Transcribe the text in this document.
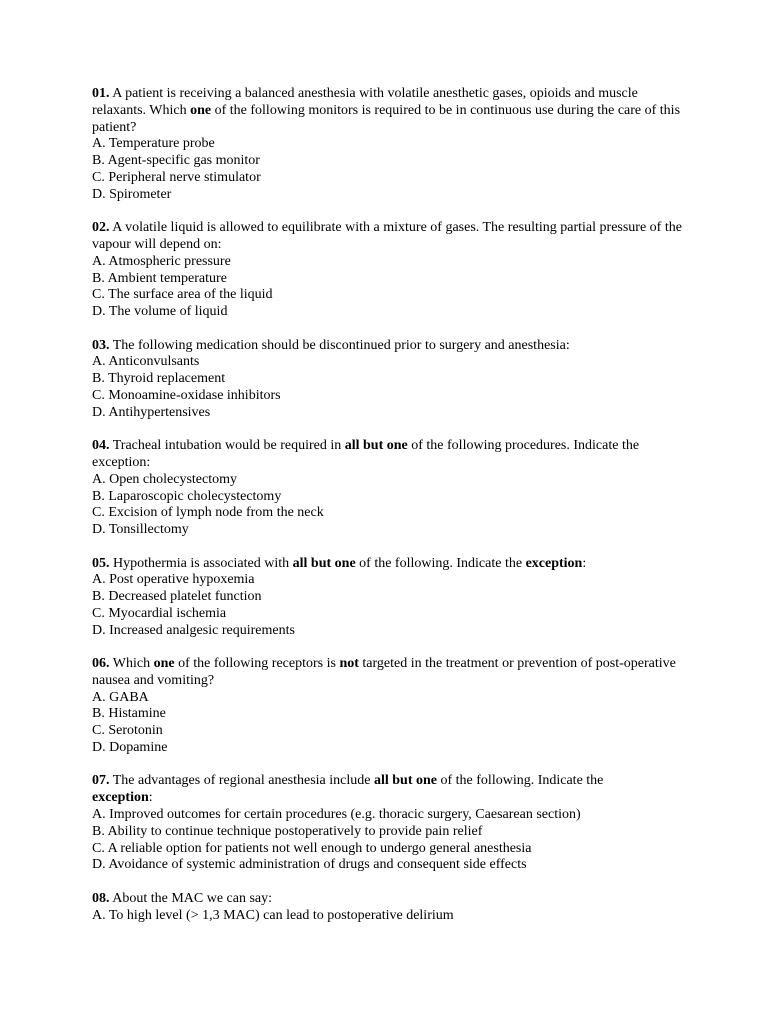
01. A patient is receiving a balanced anesthesia with volatile anesthetic gases, opioids and muscle relaxants. Which one of the following monitors is required to be in continuous use during the care of this patient?

A. Temperature probe
B. Agent-specific gas monitor
C. Peripheral nerve stimulator
D. Spirometer

02. A volatile liquid is allowed to equilibrate with a mixture of gases. The resulting partial pressure of the vapour will depend on:

A. Atmospheric pressure
B. Ambient temperature
C. The surface area of the liquid
D. The volume of liquid

03. The following medication should be discontinued prior to surgery and anesthesia:

A. Anticonvulsants
B. Thyroid replacement
C. Monoamine-oxidase inhibitors
D. Antihypertensives

04. Tracheal intubation would be required in all but one of the following procedures. Indicate the exception:

A. Open cholecystectomy
B. Laparoscopic cholecystectomy
C. Excision of lymph node from the neck
D. Tonsillectomy

05. Hypothermia is associated with all but one of the following. Indicate the exception:

A. Post operative hypoxemia
B. Decreased platelet function
C. Myocardial ischemia
D. Increased analgesic requirements

06. Which one of the following receptors is not targeted in the treatment or prevention of post-operative nausea and vomiting?

A. GABA
B. Histamine
C. Serotonin
D. Dopamine

07. The advantages of regional anesthesia include all but one of the following. Indicate the
exception:

A. Improved outcomes for certain procedures (e.g. thoracic surgery, Caesarean section)
B. Ability to continue technique postoperatively to provide pain relief
C. A reliable option for patients not well enough to undergo general anesthesia
D. Avoidance of systemic administration of drugs and consequent side effects

08. About the MAC we can say:

A. To high level (> 1,3 MAC) can lead to postoperative delirium
